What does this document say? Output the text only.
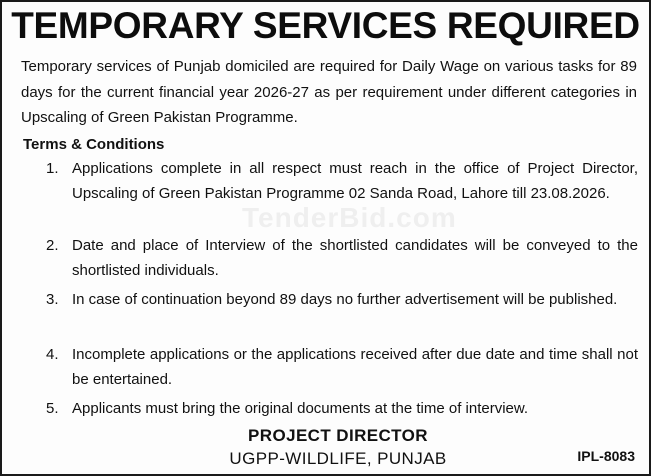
TEMPORARY SERVICES REQUIRED
Temporary services of Punjab domiciled are required for Daily Wage on various tasks for 89 days for the current financial year 2026-27 as per requirement under different categories in Upscaling of Green Pakistan Programme.
TenderBid.com
Terms & Conditions
1. Applications complete in all respect must reach in the office of Project Director, Upscaling of Green Pakistan Programme 02 Sanda Road, Lahore till 23.08.2026.
2. Date and place of Interview of the shortlisted candidates will be conveyed to the shortlisted individuals.
3. In case of continuation beyond 89 days no further advertisement will be published.
4. Incomplete applications or the applications received after due date and time shall not be entertained.
5. Applicants must bring the original documents at the time of interview.
PROJECT DIRECTOR
UGPP-WILDLIFE, PUNJAB	IPL-8083
